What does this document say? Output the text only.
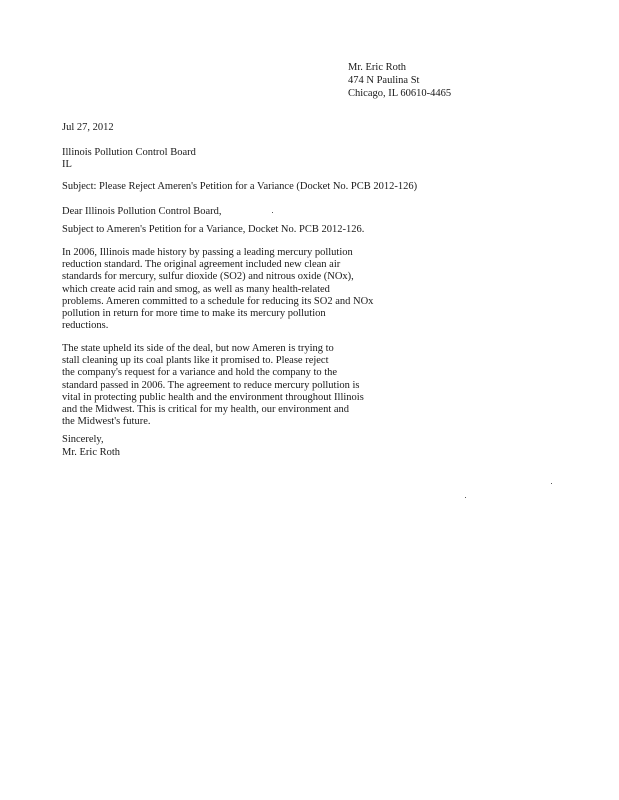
Mr. Eric Roth
474 N Paulina St
Chicago, IL 60610-4465
Jul 27, 2012
Illinois Pollution Control Board
IL
Subject: Please Reject Ameren's Petition for a Variance (Docket No. PCB 2012-126)
Dear Illinois Pollution Control Board,
Subject to Ameren's Petition for a Variance, Docket No. PCB 2012-126.
In 2006, Illinois made history by passing a leading mercury pollution
reduction standard. The original agreement included new clean air
standards for mercury, sulfur dioxide (SO2) and nitrous oxide (NOx),
which create acid rain and smog, as well as many health-related
problems. Ameren committed to a schedule for reducing its SO2 and NOx
pollution in return for more time to make its mercury pollution
reductions.
The state upheld its side of the deal, but now Ameren is trying to
stall cleaning up its coal plants like it promised to. Please reject
the company's request for a variance and hold the company to the
standard passed in 2006. The agreement to reduce mercury pollution is
vital in protecting public health and the environment throughout Illinois
and the Midwest. This is critical for my health, our environment and
the Midwest's future.
Sincerely,
Mr. Eric Roth
